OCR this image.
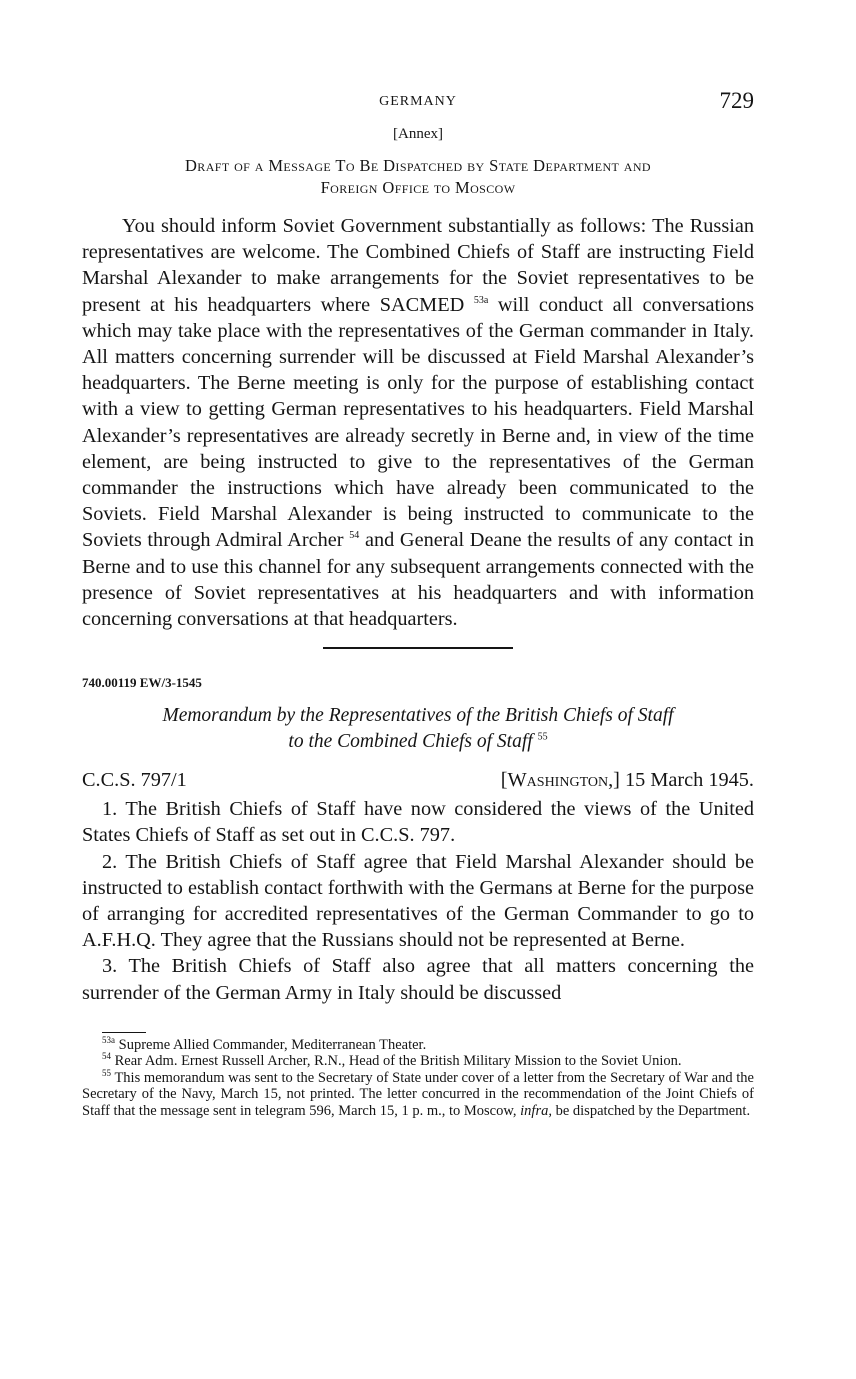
GERMANY	729
[Annex]
Draft of a Message To Be Dispatched by State Department and
Foreign Office to Moscow

You should inform Soviet Government substantially as follows: The Russian representatives are welcome. The Combined Chiefs of Staff are instructing Field Marshal Alexander to make arrangements for the Soviet representatives to be present at his headquarters where SACMED $^{53a}$ will conduct all conversations which may take place with the representatives of the German commander in Italy. All matters concerning surrender will be discussed at Field Marshal Alexander’s headquarters. The Berne meeting is only for the purpose of establishing contact with a view to getting German representatives to his headquarters. Field Marshal Alexander’s representatives are already secretly in Berne and, in view of the time element, are being instructed to give to the representatives of the German commander the instructions which have already been communicated to the Soviets. Field Marshal Alexander is being instructed to communicate to the Soviets through Admiral Archer $^{54}$ and General Deane the results of any contact in Berne and to use this channel for any subsequent arrangements connected with the presence of Soviet representatives at his headquarters and with information concerning conversations at that headquarters.

740.00119 EW/3-1545
Memorandum by the Representatives of the British Chiefs of Staff
to the Combined Chiefs of Staff $^{55}$
C.C.S. 797/1	[Washington,] 15 March 1945.

1. The British Chiefs of Staff have now considered the views of the United States Chiefs of Staff as set out in C.C.S. 797.

2. The British Chiefs of Staff agree that Field Marshal Alexander should be instructed to establish contact forthwith with the Germans at Berne for the purpose of arranging for accredited representatives of the German Commander to go to A.F.H.Q. They agree that the Russians should not be represented at Berne.

3. The British Chiefs of Staff also agree that all matters concerning the surrender of the German Army in Italy should be discussed

$^{53a}$ Supreme Allied Commander, Mediterranean Theater.

$^{54}$ Rear Adm. Ernest Russell Archer, R.N., Head of the British Military Mission to the Soviet Union.

$^{55}$ This memorandum was sent to the Secretary of State under cover of a letter from the Secretary of War and the Secretary of the Navy, March 15, not printed. The letter concurred in the recommendation of the Joint Chiefs of Staff that the message sent in telegram 596, March 15, 1 p. m., to Moscow, infra, be dispatched by the Department.
